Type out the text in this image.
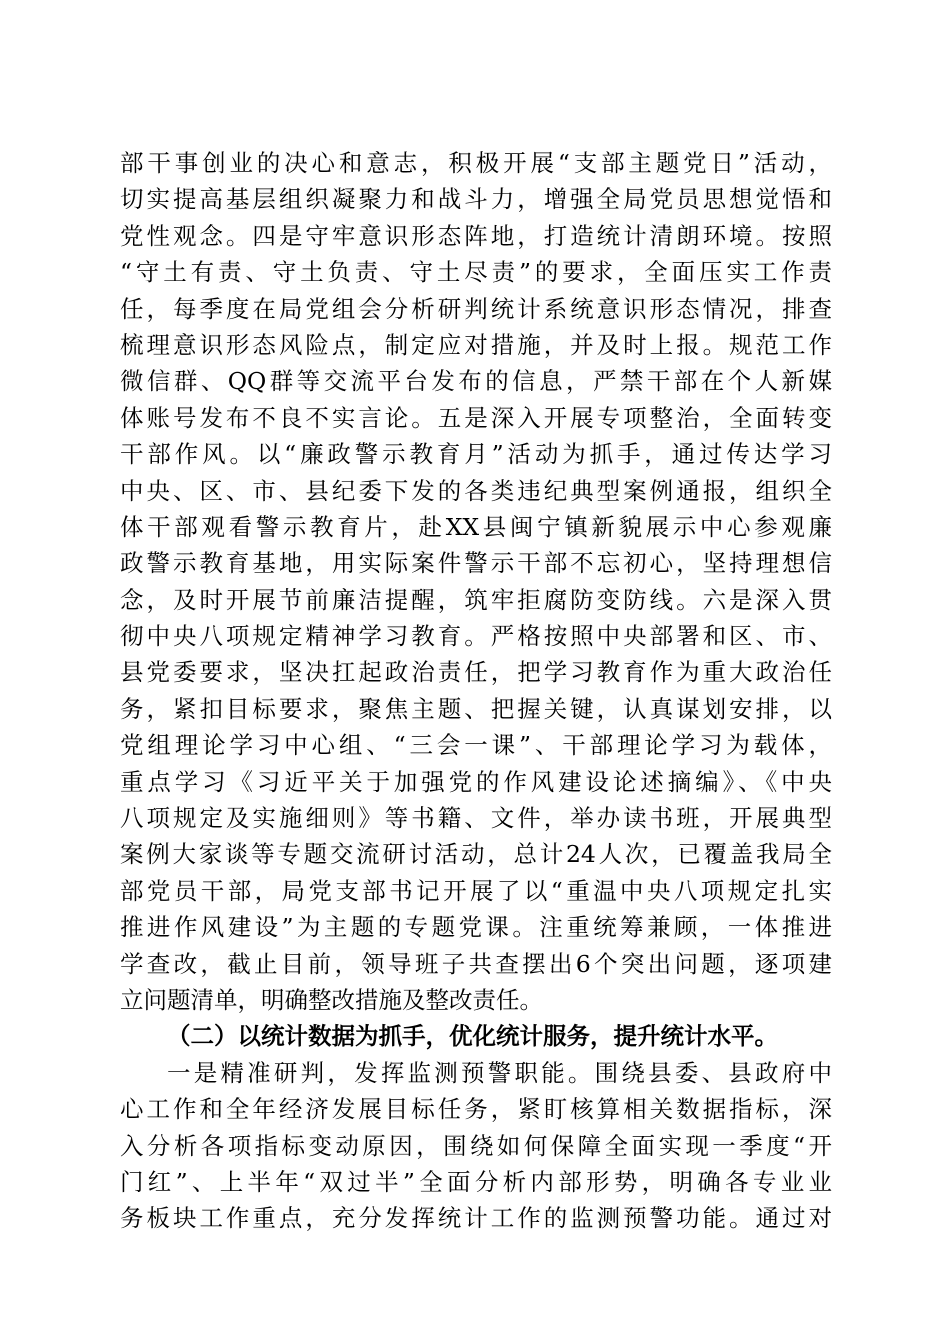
部干事创业的决心和意志，积极开展“支部主题党日”活动，
切实提高基层组织凝聚力和战斗力，增强全局党员思想觉悟和
党性观念。四是守牢意识形态阵地，打造统计清朗环境。按照
“守土有责、守土负责、守土尽责”的要求，全面压实工作责
任，每季度在局党组会分析研判统计系统意识形态情况，排查
梳理意识形态风险点，制定应对措施，并及时上报。规范工作
微信群、QQ群等交流平台发布的信息，严禁干部在个人新媒
体账号发布不良不实言论。五是深入开展专项整治，全面转变
干部作风。以“廉政警示教育月”活动为抓手，通过传达学习
中央、区、市、县纪委下发的各类违纪典型案例通报，组织全
体干部观看警示教育片，赴XX县闽宁镇新貌展示中心参观廉
政警示教育基地，用实际案件警示干部不忘初心，坚持理想信
念，及时开展节前廉洁提醒，筑牢拒腐防变防线。六是深入贯
彻中央八项规定精神学习教育。严格按照中央部署和区、市、
县党委要求，坚决扛起政治责任，把学习教育作为重大政治任
务，紧扣目标要求，聚焦主题、把握关键，认真谋划安排，以
党组理论学习中心组、“三会一课”、干部理论学习为载体，
重点学习《习近平关于加强党的作风建设论述摘编》、《中央
八项规定及实施细则》等书籍、文件，举办读书班，开展典型
案例大家谈等专题交流研讨活动，总计24人次，已覆盖我局全
部党员干部，局党支部书记开展了以“重温中央八项规定扎实
推进作风建设”为主题的专题党课。注重统筹兼顾，一体推进
学查改，截止目前，领导班子共查摆出6个突出问题，逐项建
立问题清单，明确整改措施及整改责任。
（二）以统计数据为抓手，优化统计服务，提升统计水平。
一是精准研判，发挥监测预警职能。围绕县委、县政府中
心工作和全年经济发展目标任务，紧盯核算相关数据指标，深
入分析各项指标变动原因，围绕如何保障全面实现一季度“开
门红”、上半年“双过半”全面分析内部形势，明确各专业业
务板块工作重点，充分发挥统计工作的监测预警功能。通过对
